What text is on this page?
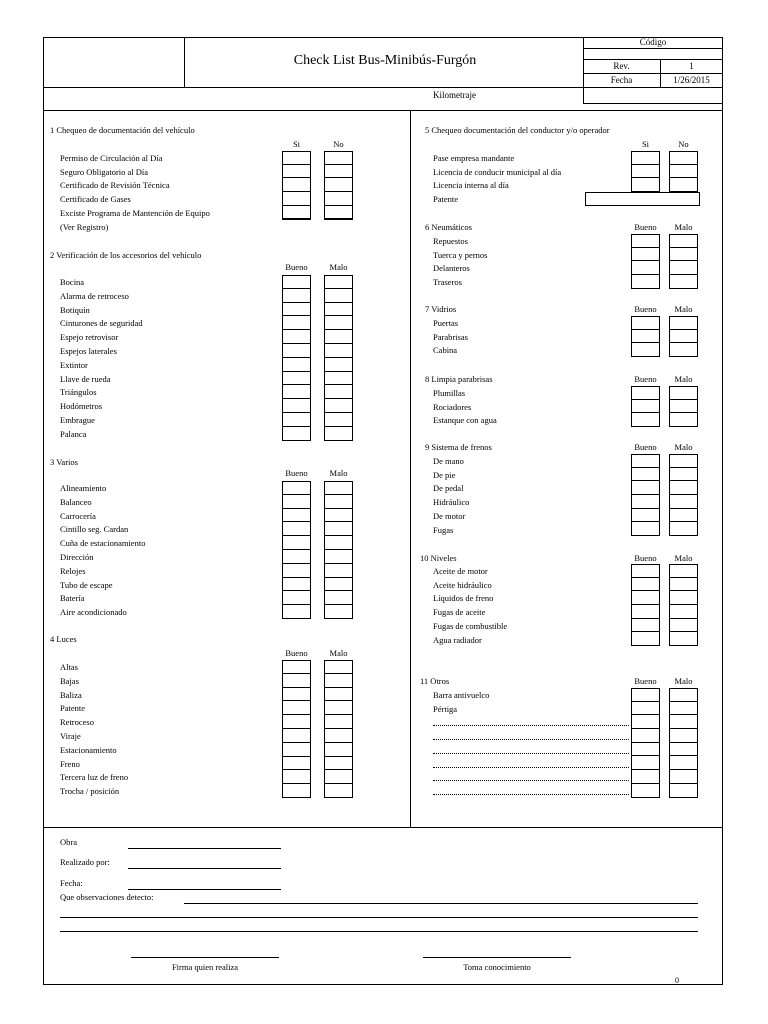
Check List Bus-Minibús-Furgón
Código
Rev.	1
Fecha	1/26/2015
Kilometraje
1 Chequeo de documentación del vehículo
Si	No
Permiso de Circulación al Día
Seguro Obligatorio al Día
Certificado de Revisión Técnica
Certificado de Gases
Exciste Programa de Mantención de Equipo
(Ver Registro)
2 Verificación de los accesorios del vehículo
Bueno	Malo
Bocina
Alarma de retroceso
Botiquín
Cinturones de seguridad
Espejo retrovisor
Espejos laterales
Extintor
Llave de rueda
Triángulos
Hodómetros
Embrague
Palanca
3 Varios
Bueno	Malo
Alineamiento
Balanceo
Carrocería
Cintillo seg. Cardan
Cuña de estacionamiento
Dirección
Relojes
Tubo de escape
Batería
Aire acondicionado
4 Luces
Bueno	Malo
Altas
Bajas
Baliza
Patente
Retroceso
Viraje
Estacionamiento
Freno
Tercera luz de freno
Trocha / posición
5 Chequeo documentación del conductor y/o operador
Si	No
Pase empresa mandante
Licencia de conducir municipal al día
Licencia interna al día
Patente
6 Neumáticos	Bueno	Malo
Repuestos
Tuerca y pernos
Delanteros
Traseros
7 Vidrios	Bueno	Malo
Puertas
Parabrisas
Cabina
8 Limpia parabrisas	Bueno	Malo
Plumillas
Rociadores
Estanque con agua
9 Sistema de frenos	Bueno	Malo
De mano
De pie
De pedal
Hidráulico
De motor
Fugas
10 Niveles	Bueno	Malo
Aceite de motor
Aceite hidráulico
Líquidos de freno
Fugas de aceite
Fugas de combustible
Agua radiador
11 Otros	Bueno	Malo
Barra antivuelco
Pértiga
Obra
Realizado por:
Fecha:
Que observaciones detecto:
Firma quien realiza	Toma conocimiento
0
